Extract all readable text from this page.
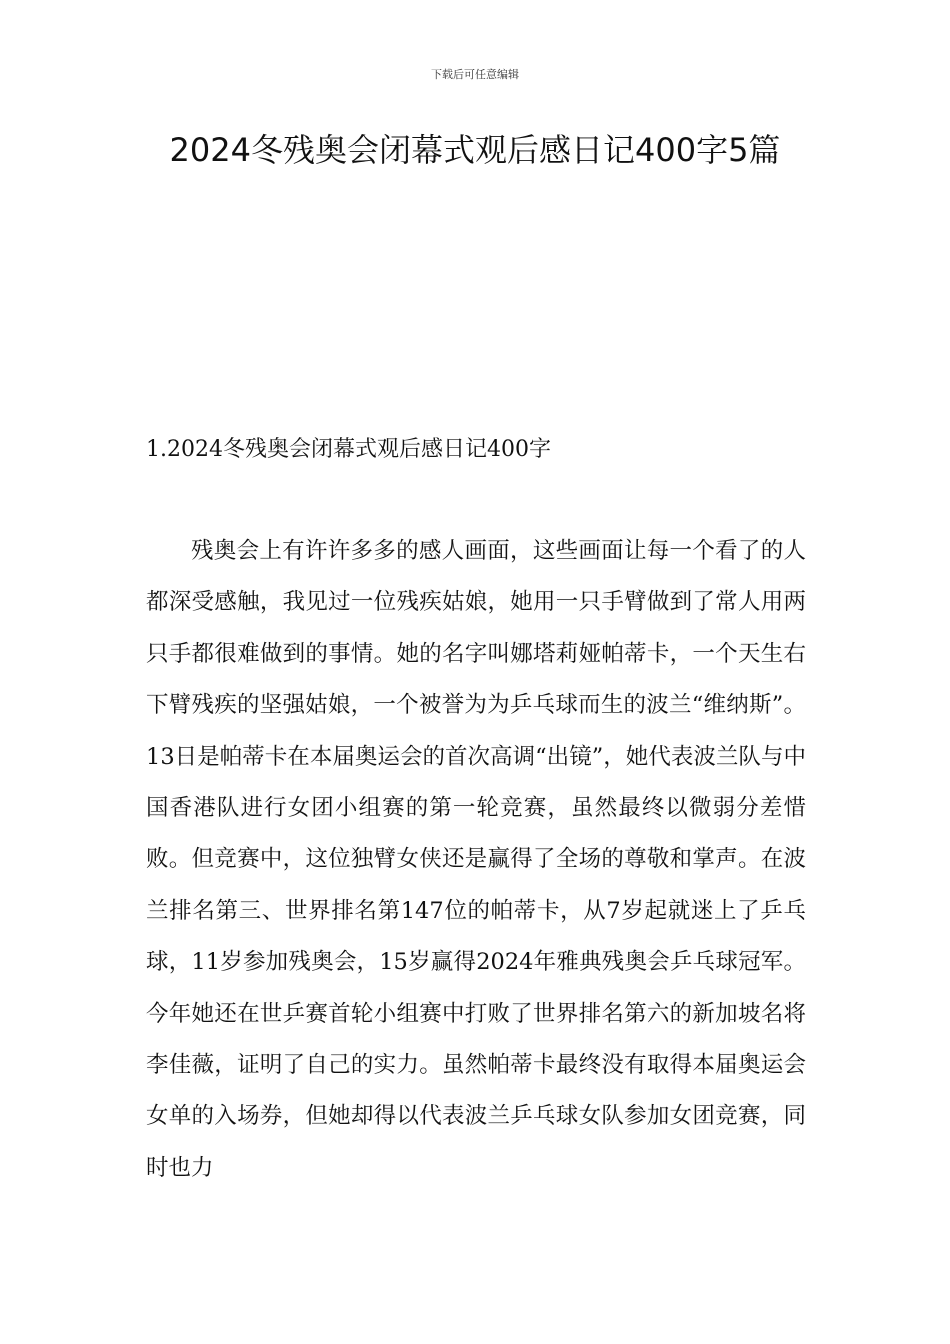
下载后可任意编辑
2024冬残奥会闭幕式观后感日记400字5篇
1.2024冬残奥会闭幕式观后感日记400字

残奥会上有许许多多的感人画面，这些画面让每一个看了的人都深受感触，我见过一位残疾姑娘，她用一只手臂做到了常人用两只手都很难做到的事情。她的名字叫娜塔莉娅帕蒂卡，一个天生右下臂残疾的坚强姑娘，一个被誉为为乒乓球而生的波兰“维纳斯”。13日是帕蒂卡在本届奥运会的首次高调“出镜”，她代表波兰队与中国香港队进行女团小组赛的第一轮竞赛，虽然最终以微弱分差惜败。但竞赛中，这位独臂女侠还是赢得了全场的尊敬和掌声。在波兰排名第三、世界排名第147位的帕蒂卡，从7岁起就迷上了乒乓球，11岁参加残奥会，15岁赢得2024年雅典残奥会乒乓球冠军。今年她还在世乒赛首轮小组赛中打败了世界排名第六的新加坡名将李佳薇，证明了自己的实力。虽然帕蒂卡最终没有取得本届奥运会女单的入场券，但她却得以代表波兰乒乓球女队参加女团竞赛，同时也力
